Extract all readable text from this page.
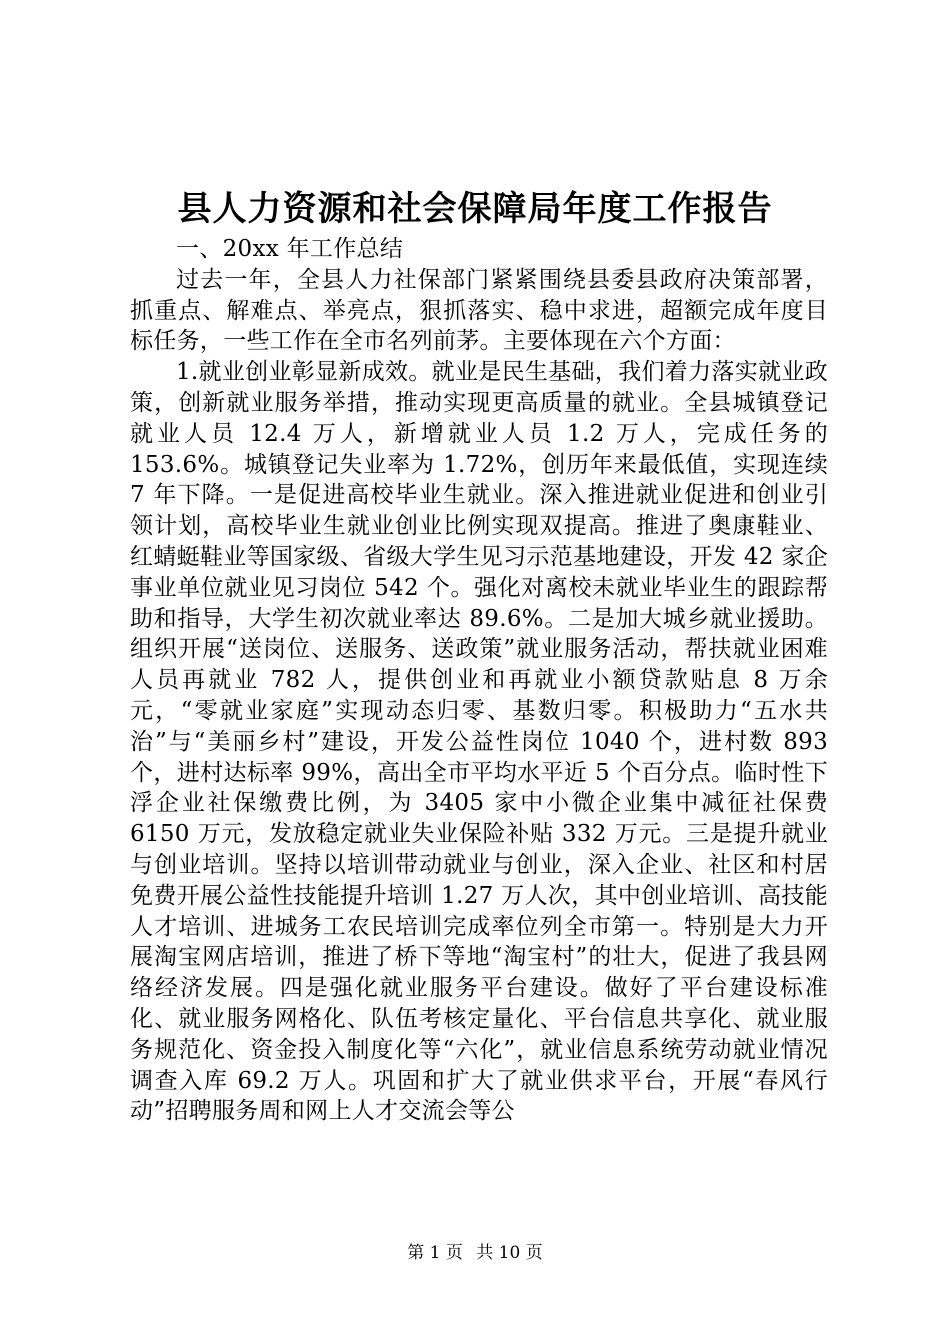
县人力资源和社会保障局年度工作报告

一、20xx 年工作总结

过去一年，全县人力社保部门紧紧围绕县委县政府决策部署，抓重点、解难点、举亮点，狠抓落实、稳中求进，超额完成年度目标任务，一些工作在全市名列前茅。主要体现在六个方面：

1.就业创业彰显新成效。就业是民生基础，我们着力落实就业政策，创新就业服务举措，推动实现更高质量的就业。全县城镇登记就业人员 12.4 万人，新增就业人员 1.2 万人，完成任务的 153.6%。城镇登记失业率为 1.72%，创历年来最低值，实现连续 7 年下降。一是促进高校毕业生就业。深入推进就业促进和创业引领计划，高校毕业生就业创业比例实现双提高。推进了奥康鞋业、红蜻蜓鞋业等国家级、省级大学生见习示范基地建设，开发 42 家企事业单位就业见习岗位 542 个。强化对离校未就业毕业生的跟踪帮助和指导，大学生初次就业率达 89.6%。二是加大城乡就业援助。组织开展“送岗位、送服务、送政策”就业服务活动，帮扶就业困难人员再就业 782 人，提供创业和再就业小额贷款贴息 8 万余元，“零就业家庭”实现动态归零、基数归零。积极助力“五水共治”与“美丽乡村”建设，开发公益性岗位 1040 个，进村数 893 个，进村达标率 99%，高出全市平均水平近 5 个百分点。临时性下浮企业社保缴费比例，为 3405 家中小微企业集中减征社保费 6150 万元，发放稳定就业失业保险补贴 332 万元。三是提升就业与创业培训。坚持以培训带动就业与创业，深入企业、社区和村居免费开展公益性技能提升培训 1.27 万人次，其中创业培训、高技能人才培训、进城务工农民培训完成率位列全市第一。特别是大力开展淘宝网店培训，推进了桥下等地“淘宝村”的壮大，促进了我县网络经济发展。四是强化就业服务平台建设。做好了平台建设标准化、就业服务网格化、队伍考核定量化、平台信息共享化、就业服务规范化、资金投入制度化等“六化”，就业信息系统劳动就业情况调查入库 69.2 万人。巩固和扩大了就业供求平台，开展“春风行动”招聘服务周和网上人才交流会等公

第 1 页 共 10 页
